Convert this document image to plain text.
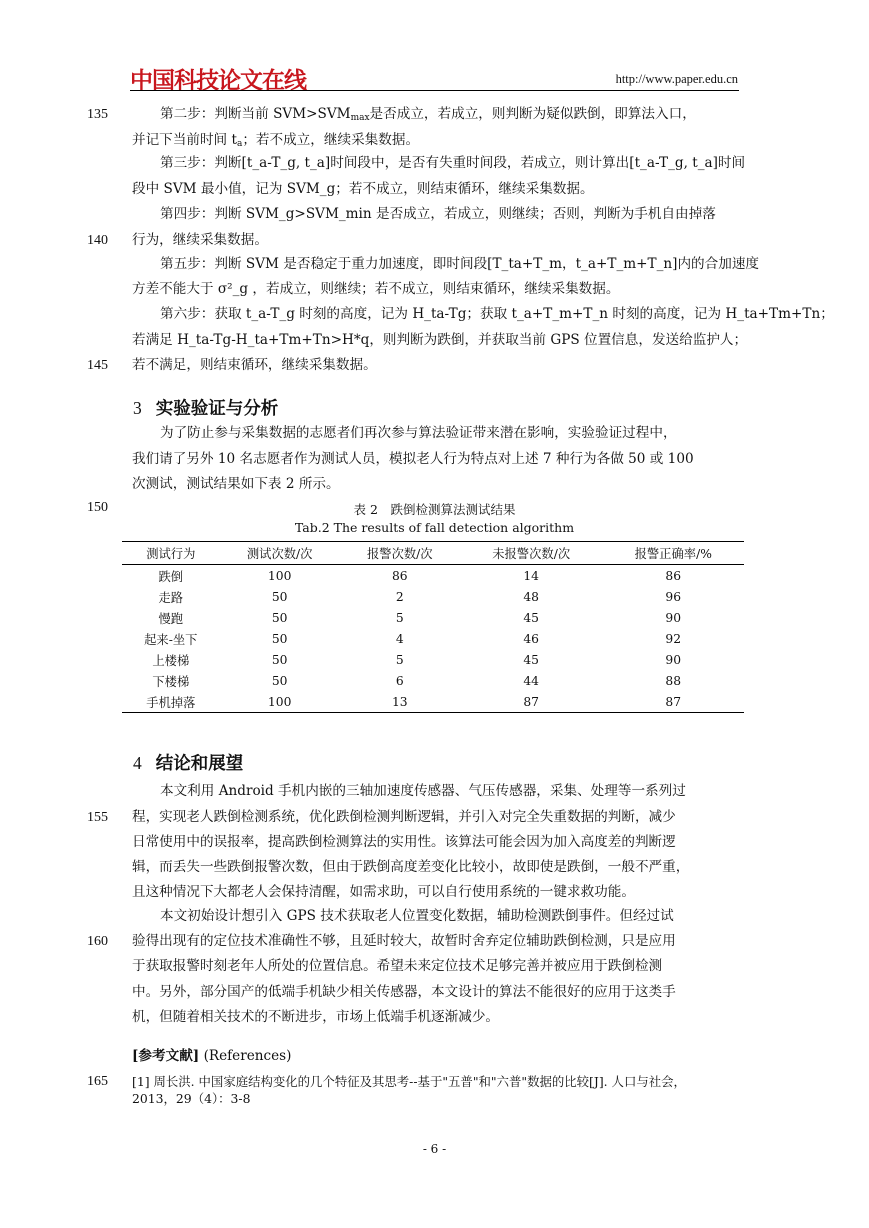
中国科技论文在线	http://www.paper.edu.cn
135
140
145
150
155
160
165
第二步：判断当前 $SVM>SVM_{max}$是否成立，若成立，则判断为疑似跌倒，即算法入口，
并记下当前时间 $t_a$；若不成立，继续采集数据。
第三步：判断[t_a-T_g, t_a]时间段中，是否有失重时间段，若成立，则计算出[t_a-T_g, t_a]时间
段中 SVM 最小值，记为 SVM_g；若不成立，则结束循环，继续采集数据。
第四步：判断 SVM_g>SVM_min 是否成立，若成立，则继续；否则，判断为手机自由掉落
行为，继续采集数据。
第五步：判断 SVM 是否稳定于重力加速度，即时间段[T_ta+T_m，t_a+T_m+T_n]内的合加速度
方差不能大于 σ²_g ，若成立，则继续；若不成立，则结束循环，继续采集数据。
第六步：获取 t_a-T_g 时刻的高度，记为 H_ta-Tg；获取 t_a+T_m+T_n 时刻的高度，记为 H_ta+Tm+Tn；
若满足 H_ta-Tg-H_ta+Tm+Tn>H*q，则判断为跌倒，并获取当前 GPS 位置信息，发送给监护人；
若不满足，则结束循环，继续采集数据。
3 实验验证与分析
为了防止参与采集数据的志愿者们再次参与算法验证带来潜在影响，实验验证过程中，
我们请了另外 10 名志愿者作为测试人员，模拟老人行为特点对上述 7 种行为各做 50 或 100
次测试，测试结果如下表 2 所示。
表 2　跌倒检测算法测试结果
Tab.2 The results of fall detection algorithm
测试行为	测试次数/次	报警次数/次	未报警次数/次	报警正确率/%
跌倒	100	86	14	86
走路	50	2	48	96
慢跑	50	5	45	90
起来-坐下	50	4	46	92
上楼梯	50	5	45	90
下楼梯	50	6	44	88
手机掉落	100	13	87	87
4 结论和展望
本文利用 Android 手机内嵌的三轴加速度传感器、气压传感器，采集、处理等一系列过
程，实现老人跌倒检测系统，优化跌倒检测判断逻辑，并引入对完全失重数据的判断，减少
日常使用中的误报率，提高跌倒检测算法的实用性。该算法可能会因为加入高度差的判断逻
辑，而丢失一些跌倒报警次数，但由于跌倒高度差变化比较小，故即使是跌倒，一般不严重，
且这种情况下大都老人会保持清醒，如需求助，可以自行使用系统的一键求救功能。
本文初始设计想引入 GPS 技术获取老人位置变化数据，辅助检测跌倒事件。但经过试
验得出现有的定位技术准确性不够，且延时较大，故暂时舍弃定位辅助跌倒检测，只是应用
于获取报警时刻老年人所处的位置信息。希望未来定位技术足够完善并被应用于跌倒检测
中。另外，部分国产的低端手机缺少相关传感器，本文设计的算法不能很好的应用于这类手
机，但随着相关技术的不断进步，市场上低端手机逐渐减少。
[参考文献] (References)
[1] 周长洪. 中国家庭结构变化的几个特征及其思考--基于"五普"和"六普"数据的比较[J]. 人口与社会，
2013，29（4）：3-8
- 6 -
